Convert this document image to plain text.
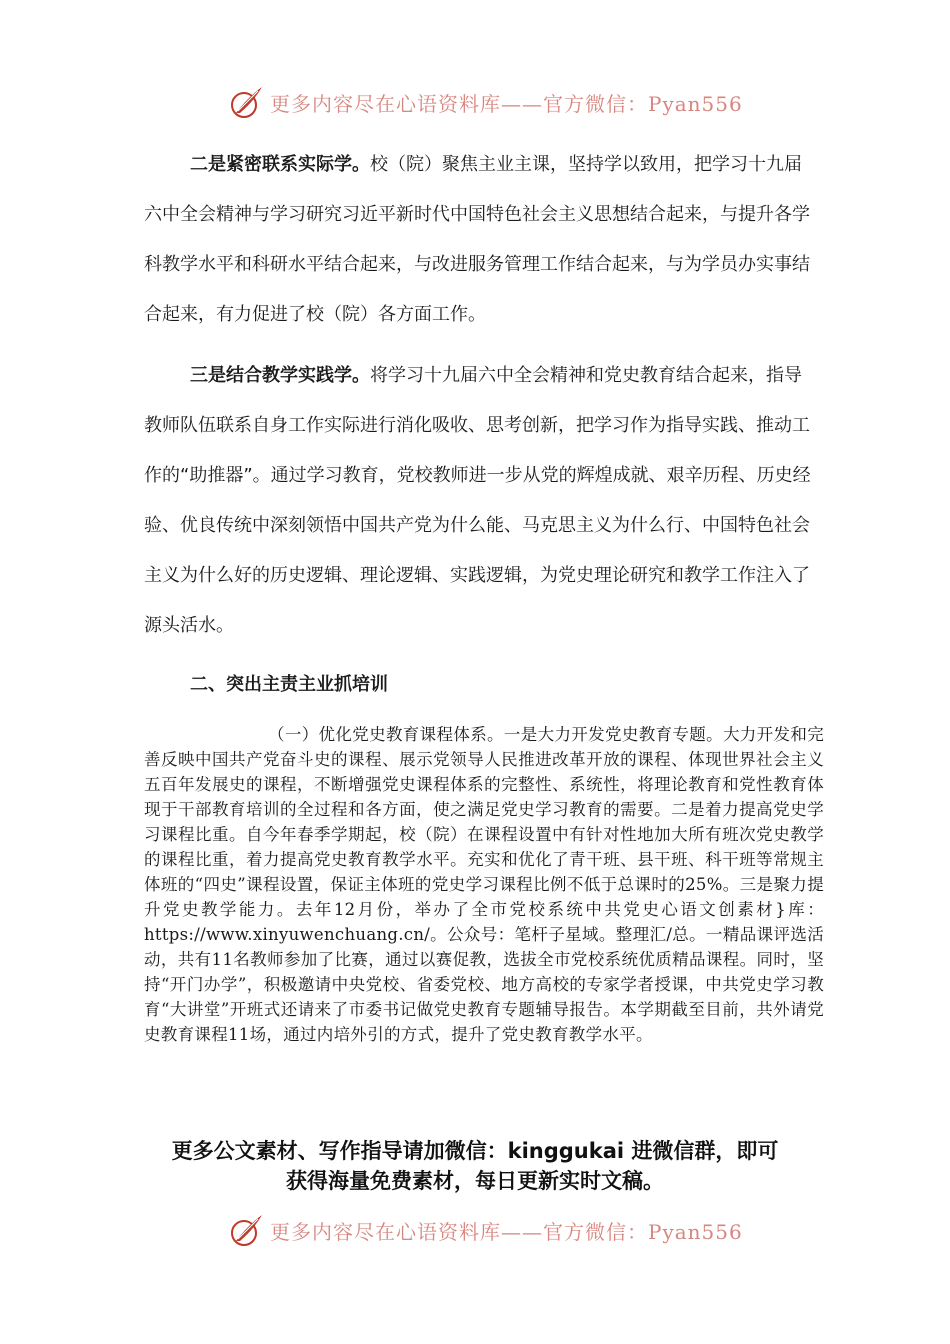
更多内容尽在心语资料库——官方微信：Pyan556

二是紧密联系实际学。校（院）聚焦主业主课，坚持学以致用，把学习十九届六中全会精神与学习研究习近平新时代中国特色社会主义思想结合起来，与提升各学科教学水平和科研水平结合起来，与改进服务管理工作结合起来，与为学员办实事结合起来，有力促进了校（院）各方面工作。

三是结合教学实践学。将学习十九届六中全会精神和党史教育结合起来，指导教师队伍联系自身工作实际进行消化吸收、思考创新，把学习作为指导实践、推动工作的“助推器”。通过学习教育，党校教师进一步从党的辉煌成就、艰辛历程、历史经验、优良传统中深刻领悟中国共产党为什么能、马克思主义为什么行、中国特色社会主义为什么好的历史逻辑、理论逻辑、实践逻辑，为党史理论研究和教学工作注入了源头活水。

二、突出主责主业抓培训

（一）优化党史教育课程体系。一是大力开发党史教育专题。大力开发和完善反映中国共产党奋斗史的课程、展示党领导人民推进改革开放的课程、体现世界社会主义五百年发展史的课程，不断增强党史课程体系的完整性、系统性，将理论教育和党性教育体现于干部教育培训的全过程和各方面，使之满足党史学习教育的需要。二是着力提高党史学习课程比重。自今年春季学期起，校（院）在课程设置中有针对性地加大所有班次党史教学的课程比重，着力提高党史教育教学水平。充实和优化了青干班、县干班、科干班等常规主体班的“四史”课程设置，保证主体班的党史学习课程比例不低于总课时的25%。三是聚力提升党史教学能力。去年12月份，举办了全市党校系统中共党史心语文创素材}库：https://www.xinyuwenchuang.cn/。公众号：笔杆子星域。整理汇/总。一精品课评选活动，共有11名教师参加了比赛，通过以赛促教，选拔全市党校系统优质精品课程。同时，坚持“开门办学”，积极邀请中央党校、省委党校、地方高校的专家学者授课，中共党史学习教育“大讲堂”开班式还请来了市委书记做党史教育专题辅导报告。本学期截至目前，共外请党史教育课程11场，通过内培外引的方式，提升了党史教育教学水平。

更多公文素材、写作指导请加微信：kinggukai 进微信群，即可
获得海量免费素材，每日更新实时文稿。
更多内容尽在心语资料库——官方微信：Pyan556
